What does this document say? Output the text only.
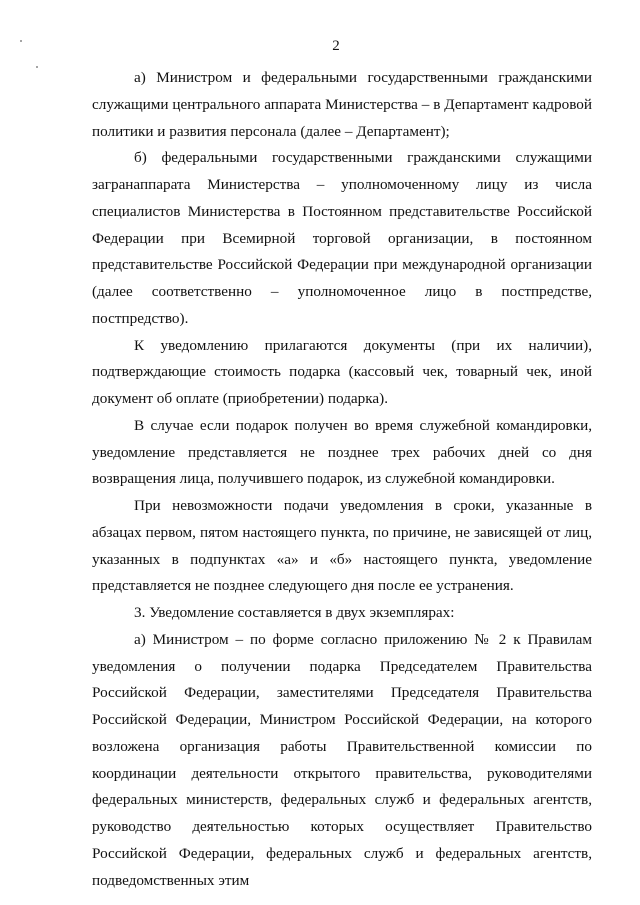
2

а) Министром и федеральными государственными гражданскими служащими центрального аппарата Министерства – в Департамент кадровой политики и развития персонала (далее – Департамент);

б) федеральными государственными гражданскими служащими загранаппарата Министерства – уполномоченному лицу из числа специалистов Министерства в Постоянном представительстве Российской Федерации при Всемирной торговой организации, в постоянном представительстве Российской Федерации при международной организации (далее соответственно – уполномоченное лицо в постпредстве, постпредство).

К уведомлению прилагаются документы (при их наличии), подтверждающие стоимость подарка (кассовый чек, товарный чек, иной документ об оплате (приобретении) подарка).

В случае если подарок получен во время служебной командировки, уведомление представляется не позднее трех рабочих дней со дня возвращения лица, получившего подарок, из служебной командировки.

При невозможности подачи уведомления в сроки, указанные в абзацах первом, пятом настоящего пункта, по причине, не зависящей от лиц, указанных в подпунктах «а» и «б» настоящего пункта, уведомление представляется не позднее следующего дня после ее устранения.

3. Уведомление составляется в двух экземплярах:

а) Министром – по форме согласно приложению № 2 к Правилам уведомления о получении подарка Председателем Правительства Российской Федерации, заместителями Председателя Правительства Российской Федерации, Министром Российской Федерации, на которого возложена организация работы Правительственной комиссии по координации деятельности открытого правительства, руководителями федеральных министерств, федеральных служб и федеральных агентств, руководство деятельностью которых осуществляет Правительство Российской Федерации, федеральных служб и федеральных агентств, подведомственных этим
